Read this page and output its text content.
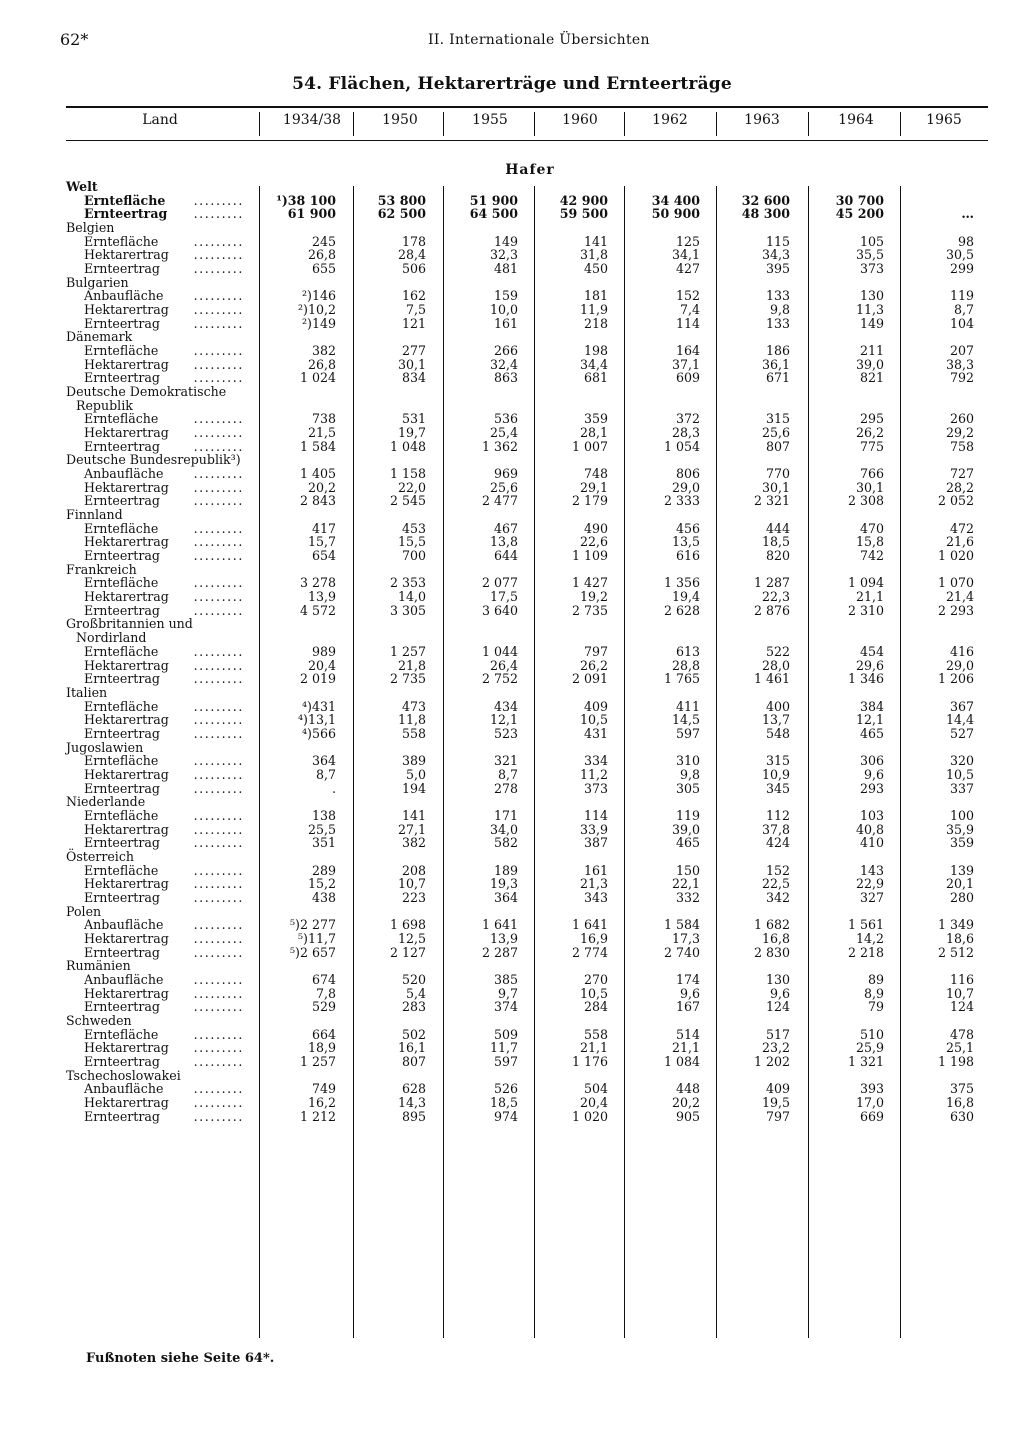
62*	II. Internationale Übersichten
54. Flächen, Hektarerträge und Ernteerträge
Land	1934/38	1950	1955	1960	1962	1963	1964	1965
Hafer
Welt
Erntefläche	.........	¹)38 100	53 800	51 900	42 900	34 400	32 600	30 700
Ernteertrag	.........	61 900	62 500	64 500	59 500	50 900	48 300	45 200	…
Belgien
Erntefläche	.........	245	178	149	141	125	115	105	98
Hektarertrag	.........	26,8	28,4	32,3	31,8	34,1	34,3	35,5	30,5
Ernteertrag	.........	655	506	481	450	427	395	373	299
Bulgarien
Anbaufläche	.........	²)146	162	159	181	152	133	130	119
Hektarertrag	.........	²)10,2	7,5	10,0	11,9	7,4	9,8	11,3	8,7
Ernteertrag	.........	²)149	121	161	218	114	133	149	104
Dänemark
Erntefläche	.........	382	277	266	198	164	186	211	207
Hektarertrag	.........	26,8	30,1	32,4	34,4	37,1	36,1	39,0	38,3
Ernteertrag	.........	1 024	834	863	681	609	671	821	792
Deutsche Demokratische
Republik
Erntefläche	.........	738	531	536	359	372	315	295	260
Hektarertrag	.........	21,5	19,7	25,4	28,1	28,3	25,6	26,2	29,2
Ernteertrag	.........	1 584	1 048	1 362	1 007	1 054	807	775	758
Deutsche Bundesrepublik³)
Anbaufläche	.........	1 405	1 158	969	748	806	770	766	727
Hektarertrag	.........	20,2	22,0	25,6	29,1	29,0	30,1	30,1	28,2
Ernteertrag	.........	2 843	2 545	2 477	2 179	2 333	2 321	2 308	2 052
Finnland
Erntefläche	.........	417	453	467	490	456	444	470	472
Hektarertrag	.........	15,7	15,5	13,8	22,6	13,5	18,5	15,8	21,6
Ernteertrag	.........	654	700	644	1 109	616	820	742	1 020
Frankreich
Erntefläche	.........	3 278	2 353	2 077	1 427	1 356	1 287	1 094	1 070
Hektarertrag	.........	13,9	14,0	17,5	19,2	19,4	22,3	21,1	21,4
Ernteertrag	.........	4 572	3 305	3 640	2 735	2 628	2 876	2 310	2 293
Großbritannien und
Nordirland
Erntefläche	.........	989	1 257	1 044	797	613	522	454	416
Hektarertrag	.........	20,4	21,8	26,4	26,2	28,8	28,0	29,6	29,0
Ernteertrag	.........	2 019	2 735	2 752	2 091	1 765	1 461	1 346	1 206
Italien
Erntefläche	.........	⁴)431	473	434	409	411	400	384	367
Hektarertrag	.........	⁴)13,1	11,8	12,1	10,5	14,5	13,7	12,1	14,4
Ernteertrag	.........	⁴)566	558	523	431	597	548	465	527
Jugoslawien
Erntefläche	.........	364	389	321	334	310	315	306	320
Hektarertrag	.........	8,7	5,0	8,7	11,2	9,8	10,9	9,6	10,5
Ernteertrag	.........	.	194	278	373	305	345	293	337
Niederlande
Erntefläche	.........	138	141	171	114	119	112	103	100
Hektarertrag	.........	25,5	27,1	34,0	33,9	39,0	37,8	40,8	35,9
Ernteertrag	.........	351	382	582	387	465	424	410	359
Österreich
Erntefläche	.........	289	208	189	161	150	152	143	139
Hektarertrag	.........	15,2	10,7	19,3	21,3	22,1	22,5	22,9	20,1
Ernteertrag	.........	438	223	364	343	332	342	327	280
Polen
Anbaufläche	.........	⁵)2 277	1 698	1 641	1 641	1 584	1 682	1 561	1 349
Hektarertrag	.........	⁵)11,7	12,5	13,9	16,9	17,3	16,8	14,2	18,6
Ernteertrag	.........	⁵)2 657	2 127	2 287	2 774	2 740	2 830	2 218	2 512
Rumänien
Anbaufläche	.........	674	520	385	270	174	130	89	116
Hektarertrag	.........	7,8	5,4	9,7	10,5	9,6	9,6	8,9	10,7
Ernteertrag	.........	529	283	374	284	167	124	79	124
Schweden
Erntefläche	.........	664	502	509	558	514	517	510	478
Hektarertrag	.........	18,9	16,1	11,7	21,1	21,1	23,2	25,9	25,1
Ernteertrag	.........	1 257	807	597	1 176	1 084	1 202	1 321	1 198
Tschechoslowakei
Anbaufläche	.........	749	628	526	504	448	409	393	375
Hektarertrag	.........	16,2	14,3	18,5	20,4	20,2	19,5	17,0	16,8
Ernteertrag	.........	1 212	895	974	1 020	905	797	669	630
Fußnoten siehe Seite 64*.
